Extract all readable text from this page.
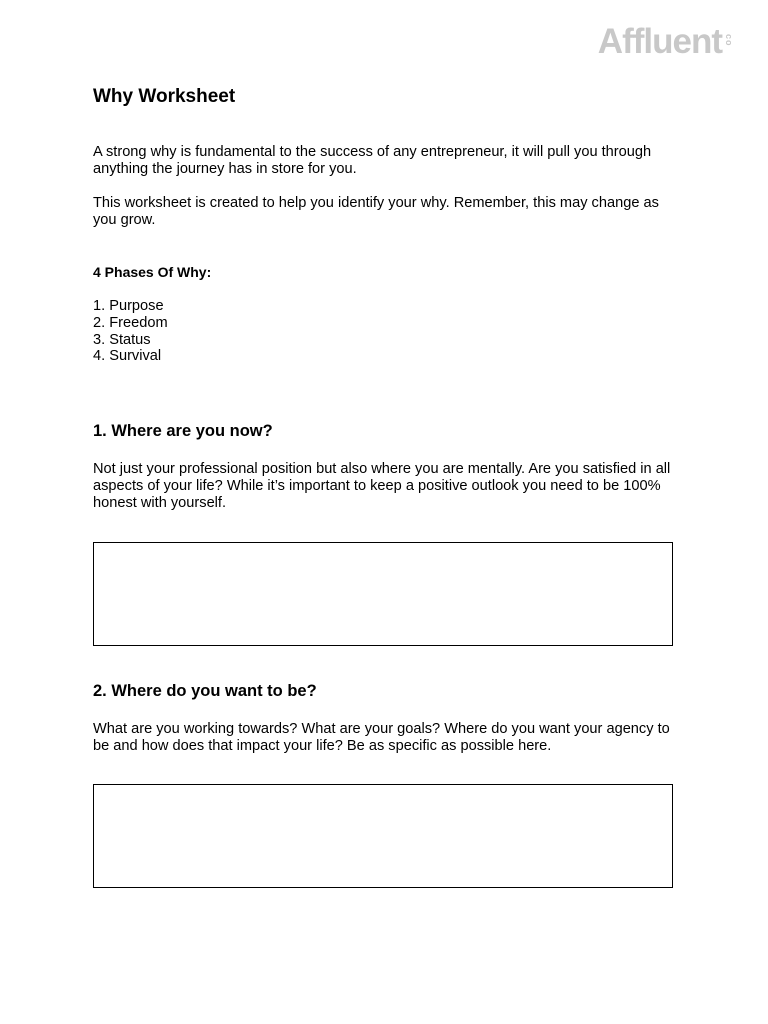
Affluent co
Why Worksheet

A strong why is fundamental to the success of any entrepreneur, it will pull you through anything the journey has in store for you.

This worksheet is created to help you identify your why. Remember, this may change as you grow.

4 Phases Of Why:
1. Purpose
2. Freedom
3. Status
4. Survival
1. Where are you now?

Not just your professional position but also where you are mentally. Are you satisfied in all aspects of your life? While it’s important to keep a positive outlook you need to be 100% honest with yourself.

2. Where do you want to be?

What are you working towards? What are your goals? Where do you want your agency to be and how does that impact your life? Be as specific as possible here.
